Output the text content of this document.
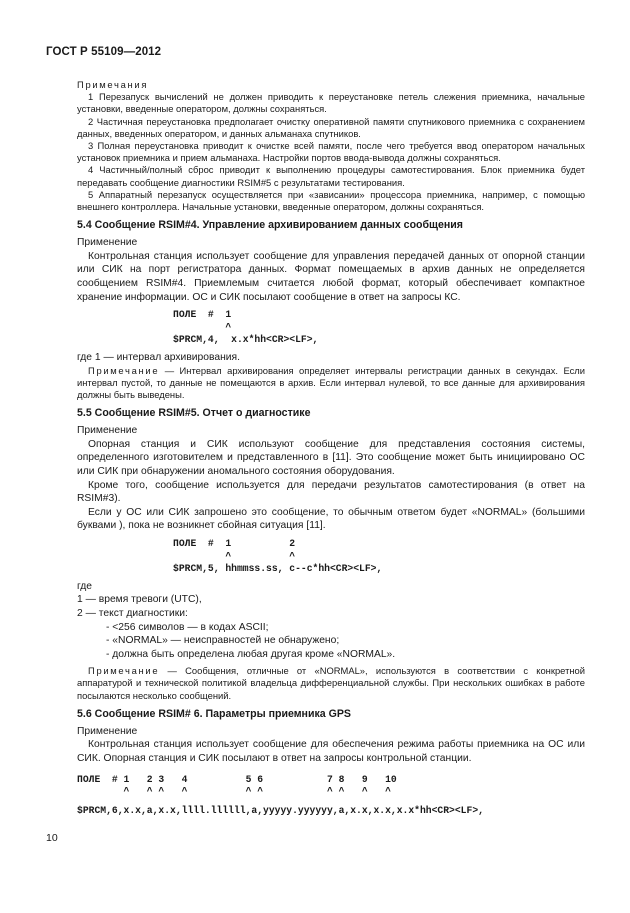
ГОСТ Р 55109—2012

Примечания

1 Перезапуск вычислений не должен приводить к переустановке петель слежения приемника, начальные установки, введенные оператором, должны сохраняться.

2 Частичная переустановка предполагает очистку оперативной памяти спутникового приемника с сохранением данных, введенных оператором, и данных альманаха спутников.

3 Полная переустановка приводит к очистке всей памяти, после чего требуется ввод оператором начальных установок приемника и прием альманаха. Настройки портов ввода-вывода должны сохраняться.

4 Частичный/полный сброс приводит к выполнению процедуры самотестирования. Блок приемника будет передавать сообщение диагностики RSIM#5 с результатами тестирования.

5 Аппаратный перезапуск осуществляется при «зависании» процессора приемника, например, с помощью внешнего контроллера. Начальные установки, введенные оператором, должны сохраняться.

5.4 Сообщение RSIM#4. Управление архивированием данных сообщения

Применение

Контрольная станция использует сообщение для управления передачей данных от опорной станции или СИК на порт регистратора данных. Формат помещаемых в архив данных не определяется сообщением RSIM#4. Приемлемым считается любой формат, который обеспечивает компактное хранение информации. ОС и СИК посылают сообщение в ответ на запросы КС.

ПОЛЕ  #  1
^
$PRCM,4,  x.x*hh<CR><LF>,

где 1 — интервал архивирования.

Примечание — Интервал архивирования определяет интервалы регистрации данных в секундах. Если интервал пустой, то данные не помещаются в архив. Если интервал нулевой, то все данные для архивирования должны быть выведены.

5.5 Сообщение RSIM#5. Отчет о диагностике

Применение

Опорная станция и СИК используют сообщение для представления состояния системы, определенного изготовителем и представленного в [11]. Это сообщение может быть инициировано ОС или СИК при обнаружении аномального состояния оборудования.

Кроме того, сообщение используется для передачи результатов самотестирования (в ответ на RSIM#3).

Если у ОС или СИК запрошено это сообщение, то обычным ответом будет «NORMAL» (большими буквами ), пока не возникнет сбойная ситуация [11].

ПОЛЕ  #  1          2
^          ^
$PRCM,5, hhmmss.ss, c--c*hh<CR><LF>,

где

1 — время тревоги (UTC),

2 — текст диагностики:

- <256 символов — в кодах ASCII;

- «NORMAL» — неисправностей не обнаружено;

- должна быть определена любая другая кроме «NORMAL».

Примечание — Сообщения, отличные от «NORMAL», используются в соответствии с конкретной аппаратурой и технической политикой владельца дифференциальной службы. При нескольких ошибках в работе посылаются несколько сообщений.

5.6 Сообщение RSIM# 6. Параметры приемника GPS

Применение

Контрольная станция использует сообщение для обеспечения режима работы приемника на ОС или СИК. Опорная станция и СИК посылают в ответ на запросы контрольной станции.

ПОЛЕ  # 1   2 3   4          5 6           7 8   9   10
^   ^ ^   ^          ^ ^           ^ ^   ^   ^
$PRCM,6,x.x,a,x.x,llll.llllll,a,yyyyy.yyyyyy,a,x.x,x.x,x.x*hh<CR><LF>,
10
